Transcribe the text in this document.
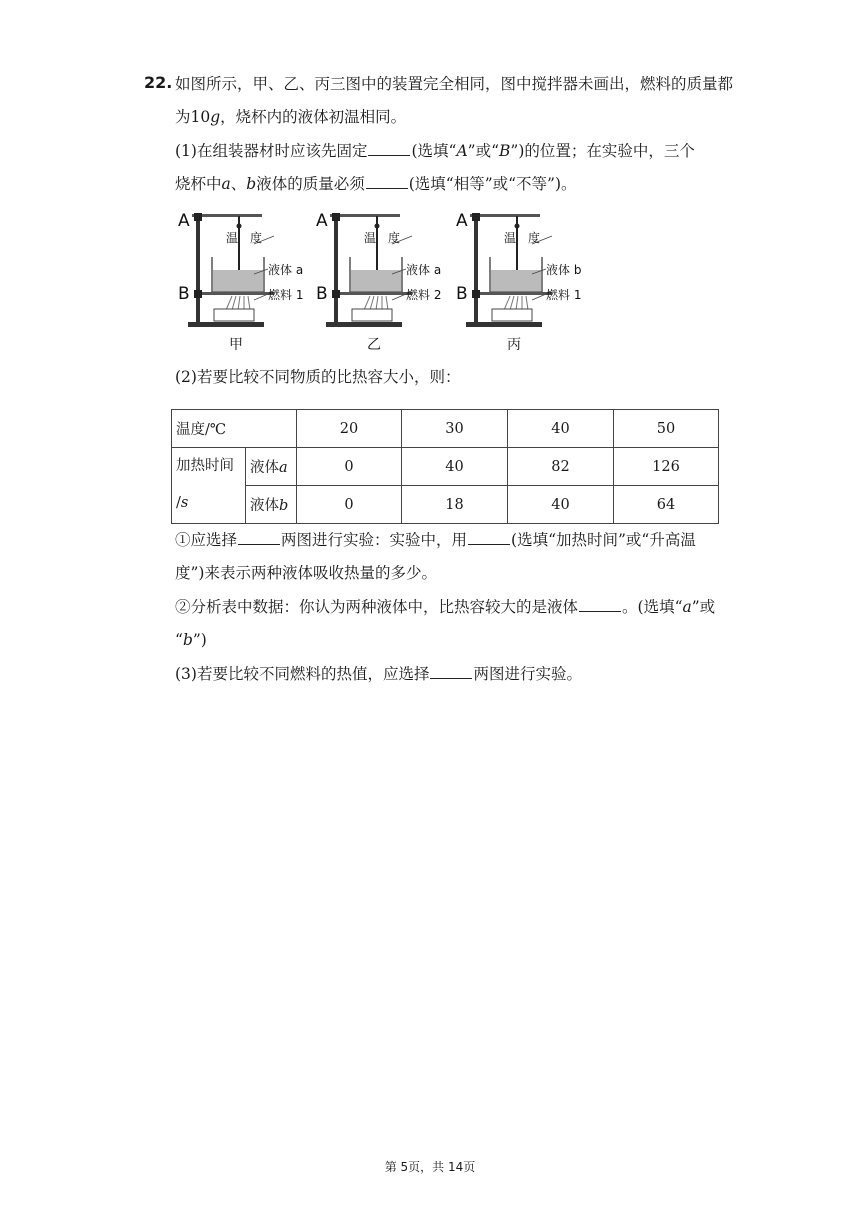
22. 如图所示，甲、乙、丙三图中的装置完全相同，图中搅拌器未画出，燃料的质量都
为10g，烧杯内的液体初温相同。
(1)在组装器材时应该先固定	(选填“A”或“B”)的位置；在实验中，三个
烧杯中a、b液体的质量必须	(选填“相等”或“不等”)。
A
B
温　度
液体 a
燃料 1
甲
A
B
温　度
液体 a
燃料 2
乙
A
B
温　度
液体 b
燃料 1
丙
(2)若要比较不同物质的比热容大小，则：
温度/℃		20	30	40	50
加热时间
/s	液体a	0	40	82	126
	液体b	0	18	40	64
①应选择	两图进行实验：实验中，用	(选填“加热时间”或“升高温
度”)来表示两种液体吸收热量的多少。
②分析表中数据：你认为两种液体中，比热容较大的是液体	。(选填“a”或
“b”)
(3)若要比较不同燃料的热值，应选择	两图进行实验。
第 5页，共 14页
